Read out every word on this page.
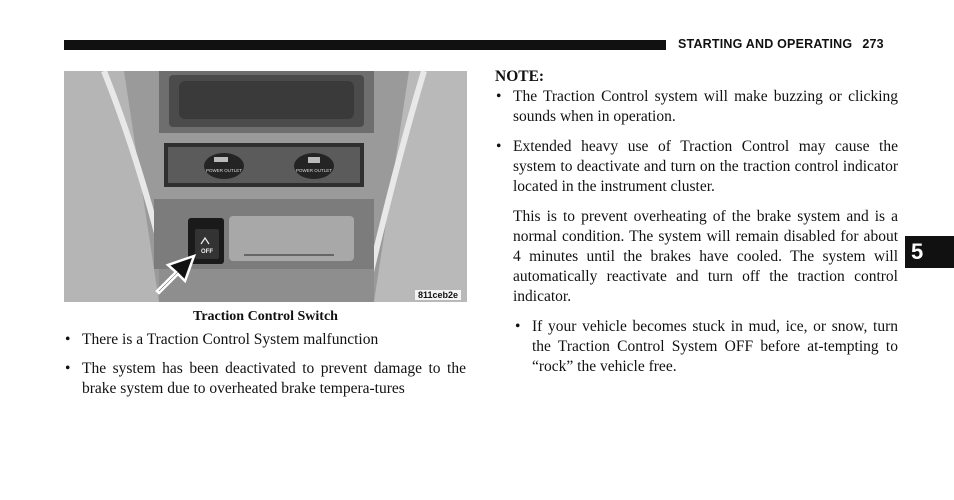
STARTING AND OPERATING 273
5
POWER OUTLET	POWER OUTLET
OFF
811ceb2e
Traction Control Switch
• There is a Traction Control System malfunction
• The system has been deactivated to prevent damage to the brake system due to overheated brake tempera-tures
NOTE:
• The Traction Control system will make buzzing or clicking sounds when in operation.
• Extended heavy use of Traction Control may cause the system to deactivate and turn on the traction control indicator located in the instrument cluster.
This is to prevent overheating of the brake system and is a normal condition. The system will remain disabled for about 4 minutes until the brakes have cooled. The system will automatically reactivate and turn off the traction control indicator.
• If your vehicle becomes stuck in mud, ice, or snow, turn the Traction Control System OFF before at-tempting to “rock” the vehicle free.
